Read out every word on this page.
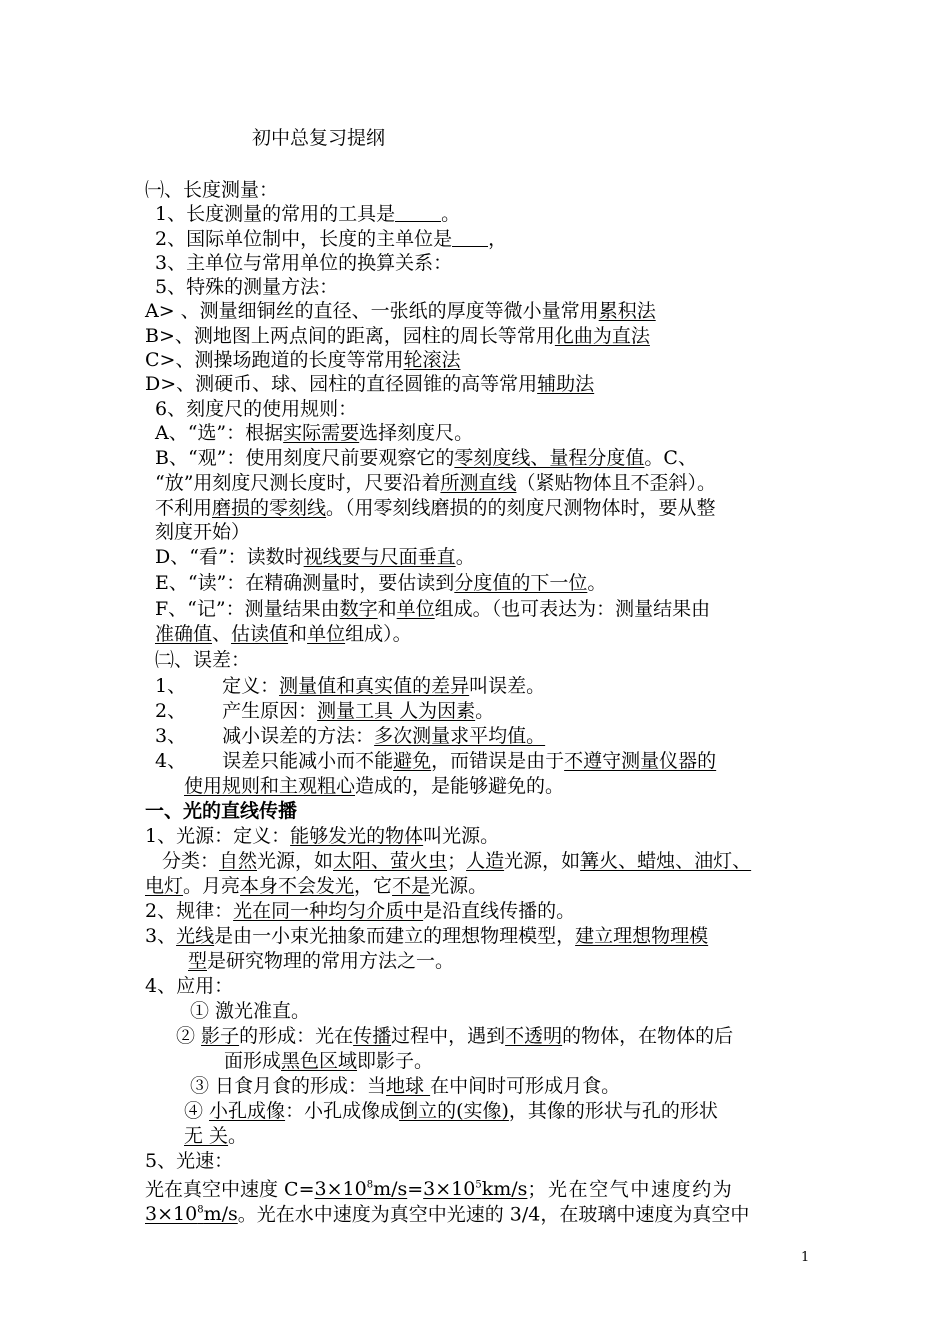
初中总复习提纲
㈠、长度测量：
1、长度测量的常用的工具是 。
2、国际单位制中，长度的主单位是 ，
3、主单位与常用单位的换算关系：
5、特殊的测量方法：
A> 、测量细铜丝的直径、一张纸的厚度等微小量常用累积法
B>、测地图上两点间的距离，园柱的周长等常用化曲为直法
C>、测操场跑道的长度等常用轮滚法
D>、测硬币、球、园柱的直径圆锥的高等常用辅助法
6、刻度尺的使用规则：
A、“选”：根据实际需要选择刻度尺。
B、“观”：使用刻度尺前要观察它的零刻度线、量程分度值。C、
“放”用刻度尺测长度时，尺要沿着所测直线（紧贴物体且不歪斜）。
不利用磨损的零刻线。（用零刻线磨损的的刻度尺测物体时，要从整
刻度开始）
D、“看”：读数时视线要与尺面垂直。
E、“读”：在精确测量时，要估读到分度值的下一位。
F、“记”：测量结果由数字和单位组成。（也可表达为：测量结果由
准确值、估读值和单位组成）。
㈡、误差：
1、 定义：测量值和真实值的差异叫误差。
2、 产生原因：测量工具 人为因素。
3、 减小误差的方法：多次测量求平均值。
4、 误差只能减小而不能避免，而错误是由于不遵守测量仪器的
使用规则和主观粗心造成的，是能够避免的。
一、光的直线传播
1、光源：定义：能够发光的物体叫光源。
分类：自然光源，如太阳、萤火虫；人造光源，如篝火、蜡烛、油灯、
电灯。月亮本身不会发光，它不是光源。
2、规律：光在同一种均匀介质中是沿直线传播的。
3、光线是由一小束光抽象而建立的理想物理模型，建立理想物理模
型是研究物理的常用方法之一。
4、应用：
① 激光准直。
② 影子的形成：光在传播过程中，遇到不透明的物体，在物体的后
面形成黑色区域即影子。
③ 日食月食的形成：当地球 在中间时可形成月食。
④ 小孔成像：小孔成像成倒立的(实像)，其像的形状与孔的形状
无 关。
5、光速：
光在真空中速度 $C=3\times 10^8m/s=3\times 10^5km/s$；光在空气中速度约为
$3\times 10^8m/s$。光在水中速度为真空中光速的 3/4，在玻璃中速度为真空中
1
